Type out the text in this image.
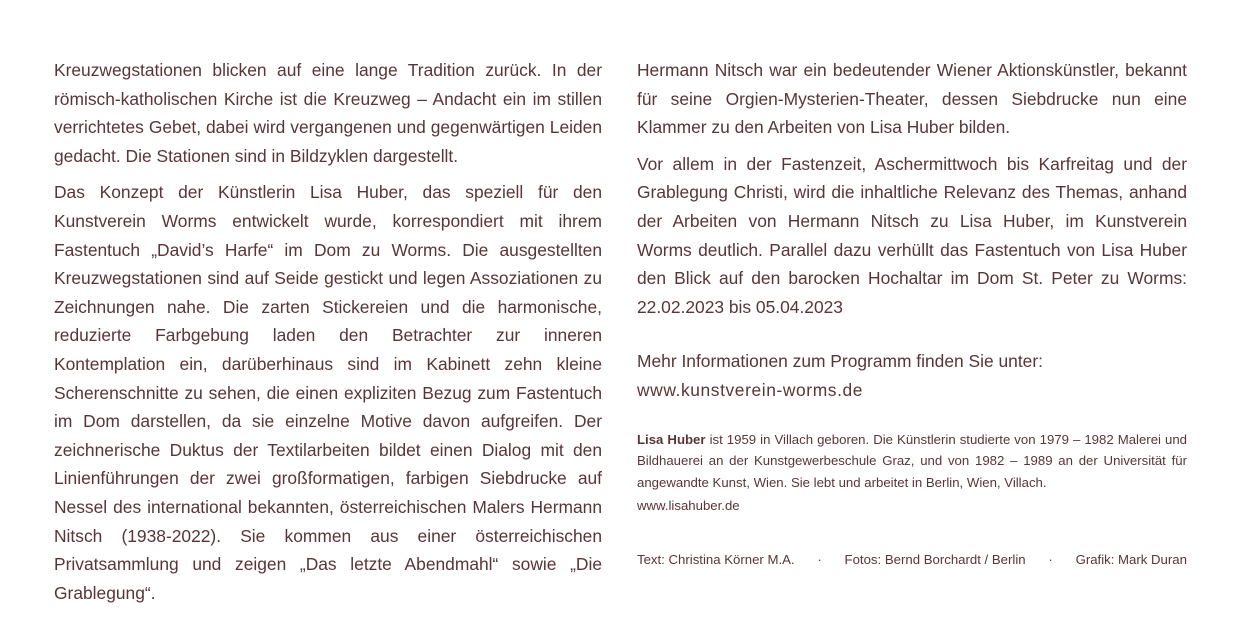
Kreuzwegstationen blicken auf eine lange Tradition zurück. In der römisch-katholischen Kirche ist die Kreuzweg – Andacht ein im stillen verrichtetes Gebet, dabei wird vergangenen und gegenwärtigen Leiden gedacht. Die Stationen sind in Bildzyklen dargestellt.

Das Konzept der Künstlerin Lisa Huber, das speziell für den Kunstverein Worms entwickelt wurde, korrespondiert mit ihrem Fastentuch „David’s Harfe“ im Dom zu Worms. Die ausgestellten Kreuzwegstationen sind auf Seide gestickt und legen Assoziationen zu Zeichnungen nahe. Die zarten Stickereien und die harmonische, reduzierte Farbgebung laden den Betrachter zur inneren Kontemplation ein, darüberhinaus sind im Kabinett zehn kleine Scherenschnitte zu sehen, die einen expliziten Bezug zum Fastentuch im Dom darstellen, da sie einzelne Motive davon aufgreifen. Der zeichnerische Duktus der Textilarbeiten bildet einen Dialog mit den Linienführungen der zwei großformatigen, farbigen Siebdrucke auf Nessel des international bekannten, österreichischen Malers Hermann Nitsch (1938-2022). Sie kommen aus einer österreichischen Privatsammlung und zeigen „Das letzte Abendmahl“ sowie „Die Grablegung“.

Hermann Nitsch war ein bedeutender Wiener Aktionskünstler, bekannt für seine Orgien-Mysterien-Theater, dessen Siebdrucke nun eine Klammer zu den Arbeiten von Lisa Huber bilden.

Vor allem in der Fastenzeit, Aschermittwoch bis Karfreitag und der Grablegung Christi, wird die inhaltliche Relevanz des Themas, anhand der Arbeiten von Hermann Nitsch zu Lisa Huber, im Kunstverein Worms deutlich. Parallel dazu verhüllt das Fastentuch von Lisa Huber den Blick auf den barocken Hochaltar im Dom St. Peter zu Worms: 22.02.2023 bis 05.04.2023

Mehr Informationen zum Programm finden Sie unter:

www.kunstverein-worms.de

Lisa Huber ist 1959 in Villach geboren. Die Künstlerin studierte von 1979 – 1982 Malerei und Bildhauerei an der Kunstgewerbeschule Graz, und von 1982 – 1989 an der Universität für angewandte Kunst, Wien. Sie lebt und arbeitet in Berlin, Wien, Villach.

www.lisahuber.de
Text: Christina Körner M.A. · Fotos: Bernd Borchardt / Berlin · Grafik: Mark Duran
